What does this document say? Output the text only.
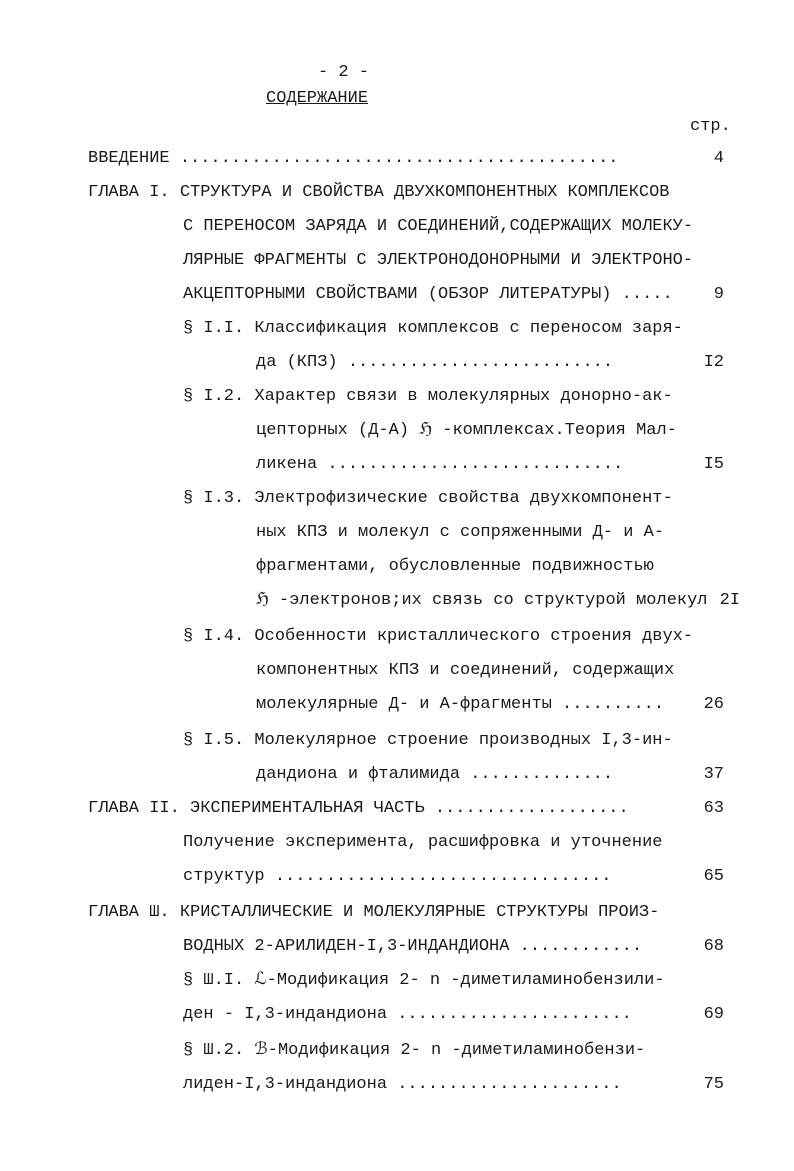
- 2 -
СОДЕРЖАНИЕ
стр.
ВВЕДЕНИЕ ...........................................	4
ГЛАВА I. СТРУКТУРА И СВОЙСТВА ДВУХКОМПОНЕНТНЫХ КОМПЛЕКСОВ
С ПЕРЕНОСОМ ЗАРЯДА И СОЕДИНЕНИЙ,СОДЕРЖАЩИХ МОЛЕКУ-
ЛЯРНЫЕ ФРАГМЕНТЫ С ЭЛЕКТРОНОДОНОРНЫМИ И ЭЛЕКТРОНО-
АКЦЕПТОРНЫМИ СВОЙСТВАМИ (ОБЗОР ЛИТЕРАТУРЫ) .....	9
§ I.I. Классификация комплексов с переносом заря-
да (КПЗ) ..........................	I2
§ I.2. Характер связи в молекулярных донорно-ак-
цепторных (Д-А) ℌ -комплексах.Теория Мал-
ликена .............................	I5
§ I.3. Электрофизические свойства двухкомпонент-
ных КПЗ и молекул с сопряженными Д- и А-
фрагментами, обусловленные подвижностью
ℌ -электронов;их связь со структурой молекул 2I
§ I.4. Особенности кристаллического строения двух-
компонентных КПЗ и соединений, содержащих
молекулярные Д- и А-фрагменты ..........	26
§ I.5. Молекулярное строение производных I,3-ин-
дандиона и фталимида ..............	37
ГЛАВА II. ЭКСПЕРИМЕНТАЛЬНАЯ ЧАСТЬ ...................	63
Получение эксперимента, расшифровка и уточнение
структур .................................	65
ГЛАВА Ш. КРИСТАЛЛИЧЕСКИЕ И МОЛЕКУЛЯРНЫЕ СТРУКТУРЫ ПРОИЗ-
ВОДНЫХ 2-АРИЛИДЕН-I,3-ИНДАНДИОНА ............	68
§ Ш.I. ℒ-Модификация 2- n -диметиламинобензили-
ден - I,3-индандиона .......................	69
§ Ш.2. ℬ-Модификация 2- n -диметиламинобензи-
лиден-I,3-индандиона ......................	75
